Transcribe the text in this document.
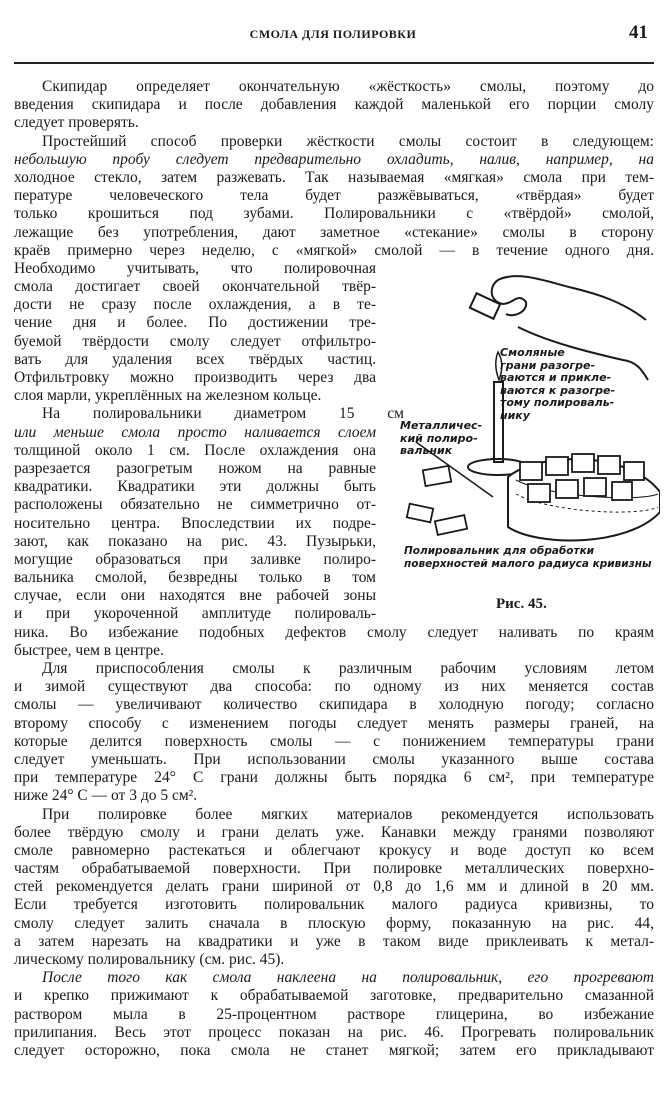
СМОЛА ДЛЯ ПОЛИРОВКИ	41
Скипидар определяет окончательную «жёсткость» смолы, поэтому до
введения скипидара и после добавления каждой маленькой его порции смолу
следует проверять.
Простейший способ проверки жёсткости смолы состоит в следующем:
небольшую пробу следует предварительно охладить, налив, например, на
холодное стекло, затем разжевать. Так называемая «мягкая» смола при тем-
пературе человеческого тела будет разжёвываться, «твёрдая» будет
только крошиться под зубами. Полировальники с «твёрдой» смолой,
лежащие без употребления, дают заметное «стекание» смолы в сторону
краёв примерно через неделю, с «мягкой» смолой — в течение одного дня.
Необходимо учитывать, что полировочная
смола достигает своей окончательной твёр-
дости не сразу после охлаждения, а в те-
чение дня и более. По достижении тре-
буемой твёрдости смолу следует отфильтро-
вать для удаления всех твёрдых частиц.
Отфильтровку можно производить через два
слоя марли, укреплённых на железном кольце.
На полировальники диаметром 15 см
или меньше смола просто наливается слоем
толщиной около 1 см. После охлаждения она
разрезается разогретым ножом на равные
квадратики. Квадратики эти должны быть
расположены обязательно не симметрично от-
носительно центра. Впоследствии их подре-
зают, как показано на рис. 43. Пузырьки,
могущие образоваться при заливке полиро-
вальника смолой, безвредны только в том
случае, если они находятся вне рабочей зоны
и при укороченной амплитуде полироваль-
ника. Во избежание подобных дефектов смолу следует наливать по краям
быстрее, чем в центре.
Для приспособления смолы к различным рабочим условиям летом
и зимой существуют два способа: по одному из них меняется состав
смолы — увеличивают количество скипидара в холодную погоду; согласно
второму способу с изменением погоды следует менять размеры граней, на
которые делится поверхность смолы — с понижением температуры грани
следует уменьшать. При использовании смолы указанного выше состава
при температуре 24° С грани должны быть порядка 6 см², при температуре
ниже 24° С — от 3 до 5 см².
При полировке более мягких материалов рекомендуется использовать
более твёрдую смолу и грани делать уже. Канавки между гранями позволяют
смоле равномерно растекаться и облегчают крокусу и воде доступ ко всем
частям обрабатываемой поверхности. При полировке металлических поверхно-
стей рекомендуется делать грани шириной от 0,8 до 1,6 мм и длиной в 20 мм.
Если требуется изготовить полировальник малого радиуса кривизны, то
смолу следует залить сначала в плоскую форму, показанную на рис. 44,
а затем нарезать на квадратики и уже в таком виде приклеивать к метал-
лическому полировальнику (см. рис. 45).
После того как смола наклеена на полировальник, его прогревают
и крепко прижимают к обрабатываемой заготовке, предварительно смазанной
раствором мыла в 25-процентном растворе глицерина, во избежание
прилипания. Весь этот процесс показан на рис. 46. Прогревать полировальник
следует осторожно, пока смола не станет мягкой; затем его прикладывают
Смоляные
грани разогре-
ваются и прикле-
ваются к разогре-
тому полироваль-
нику
Металличес-
кий полиро-
вальник
Полировальник для обработки поверхностей малого радиуса кривизны
Рис. 45.
